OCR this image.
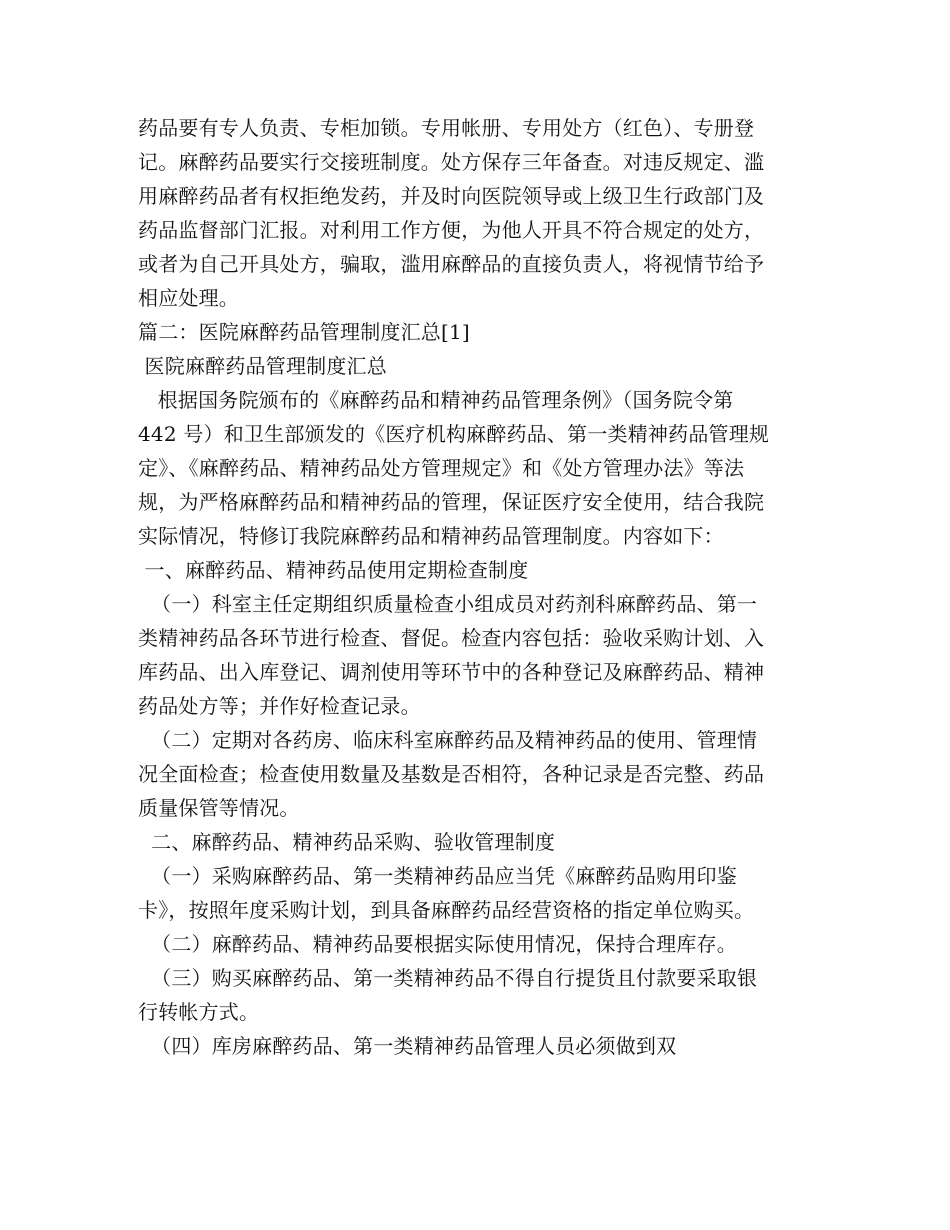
药品要有专人负责、专柜加锁。专用帐册、专用处方（红色）、专册登
记。麻醉药品要实行交接班制度。处方保存三年备查。对违反规定、滥
用麻醉药品者有权拒绝发药，并及时向医院领导或上级卫生行政部门及
药品监督部门汇报。对利用工作方便，为他人开具不符合规定的处方，
或者为自己开具处方，骗取，滥用麻醉品的直接负责人，将视情节给予
相应处理。
篇二：医院麻醉药品管理制度汇总[1]
医院麻醉药品管理制度汇总
根据国务院颁布的《麻醉药品和精神药品管理条例》（国务院令第
442 号）和卫生部颁发的《医疗机构麻醉药品、第一类精神药品管理规
定》、《麻醉药品、精神药品处方管理规定》和《处方管理办法》等法
规，为严格麻醉药品和精神药品的管理，保证医疗安全使用，结合我院
实际情况，特修订我院麻醉药品和精神药品管理制度。内容如下：
一、麻醉药品、精神药品使用定期检查制度
（一）科室主任定期组织质量检查小组成员对药剂科麻醉药品、第一
类精神药品各环节进行检查、督促。检查内容包括：验收采购计划、入
库药品、出入库登记、调剂使用等环节中的各种登记及麻醉药品、精神
药品处方等；并作好检查记录。
（二）定期对各药房、临床科室麻醉药品及精神药品的使用、管理情
况全面检查；检查使用数量及基数是否相符，各种记录是否完整、药品
质量保管等情况。
二、麻醉药品、精神药品采购、验收管理制度
（一）采购麻醉药品、第一类精神药品应当凭《麻醉药品购用印鉴
卡》，按照年度采购计划，到具备麻醉药品经营资格的指定单位购买。
（二）麻醉药品、精神药品要根据实际使用情况，保持合理库存。
（三）购买麻醉药品、第一类精神药品不得自行提货且付款要采取银
行转帐方式。
（四）库房麻醉药品、第一类精神药品管理人员必须做到双
